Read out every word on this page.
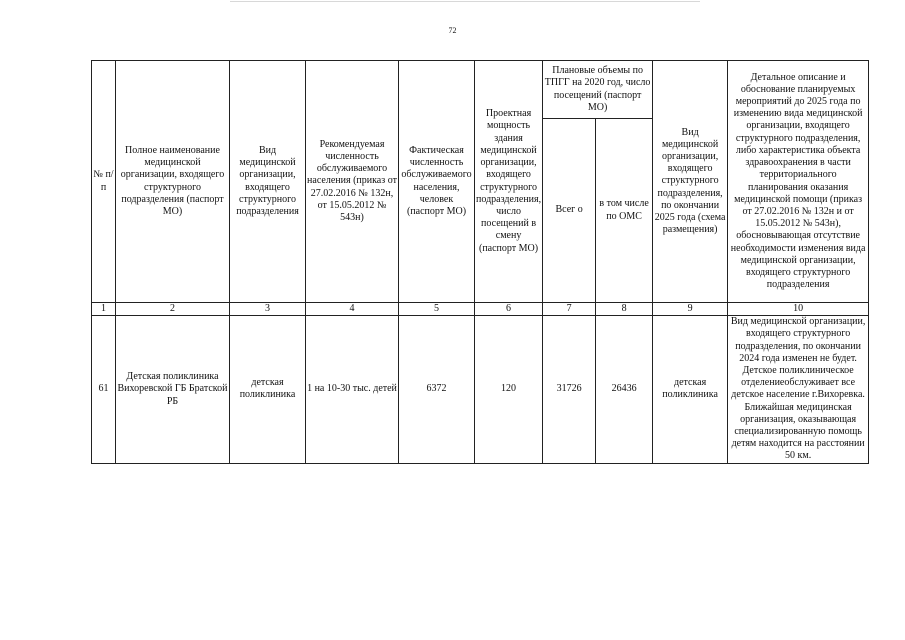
72
№ п/п	Полное наименование медицинской организации, входящего структурного подразделения (паспорт МО)	Вид медицинской организации, входящего структурного подразделения	Рекомендуемая численность обслуживаемого населения (приказ от 27.02.2016 № 132н, от 15.05.2012 № 543н)	Фактическая численность обслуживаемого населения, человек (паспорт МО)	Проектная мощность здания медицинской организации, входящего структурного подразделения, число посещений в смену (паспорт МО)	Плановые объемы по ТПГГ на 2020 год, число посещений (паспорт МО)		Вид медицинской организации, входящего структурного подразделения, по окончании 2025 года (схема размещения)	Детальное описание и обоснование планируемых мероприятий до 2025 года по изменению вида медицинской организации, входящего структурного подразделения, либо характеристика объекта здравоохранения в части территориального планирования оказания медицинской помощи (приказ от 27.02.2016 № 132н и от 15.05.2012 № 543н), обосновывающая отсутствие необходимости изменения вида медицинской организации, входящего структурного подразделения
						Всег о	в том числе по ОМС		
1	2	3	4	5	6	7	8	9	10
61	Детская поликлиника Вихоревской ГБ Братской РБ	детская поликлиника	1 на 10-30 тыс. детей	6372	120	31726	26436	детская поликлиника	Вид медицинской организации, входящего структурного подразделения, по окончании 2024 года изменен не будет. Детское поликлиническое отделениеобслуживает все детское население г.Вихоревка. Ближайшая медицинская организация, оказывающая специализированную помощь детям находится на расстоянии 50 км.
